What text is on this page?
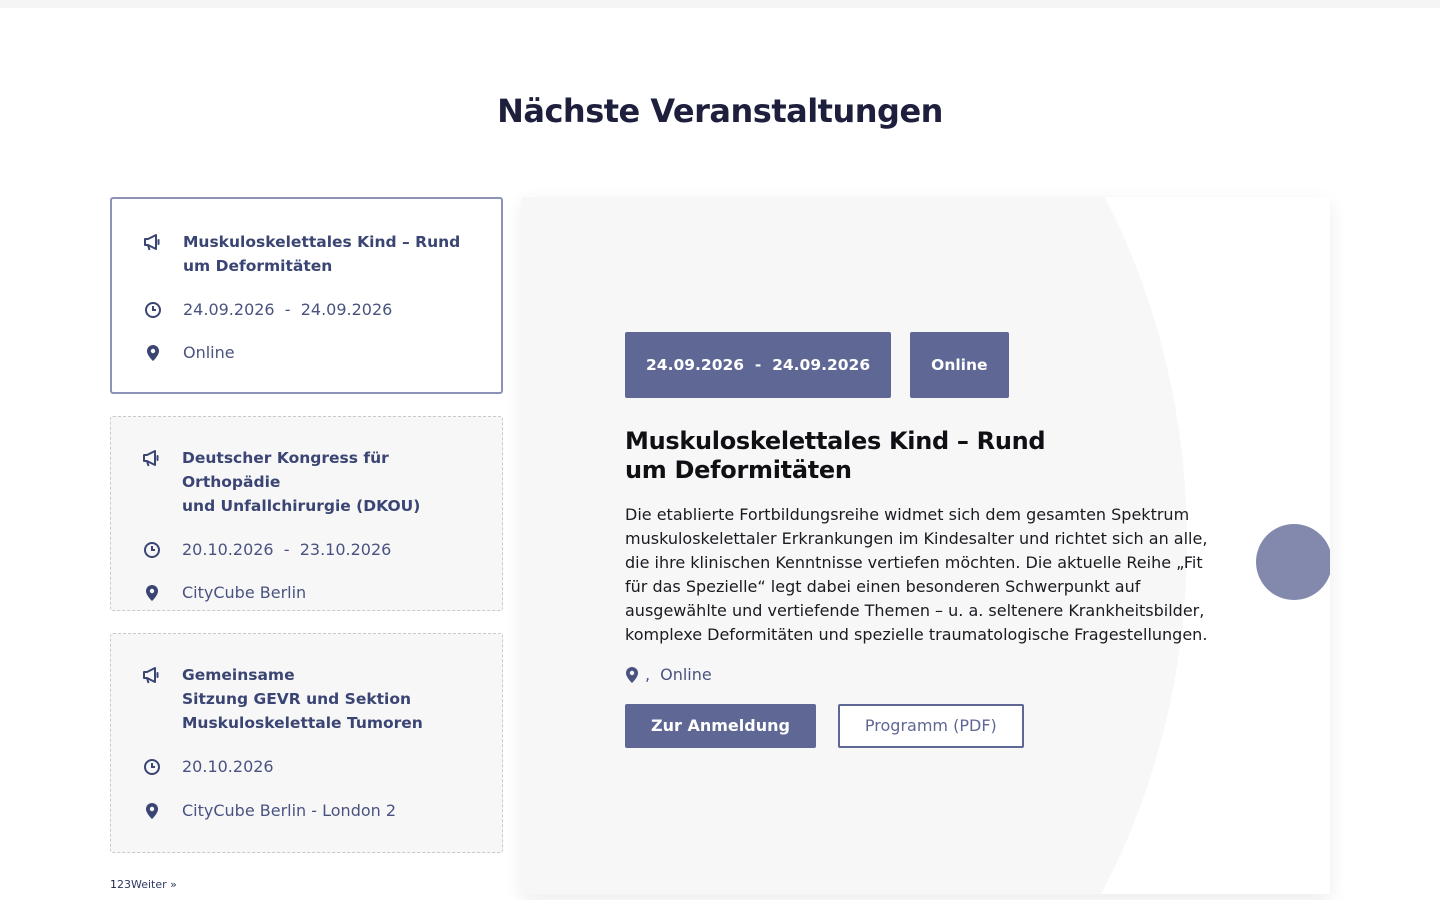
Nächste Veranstaltungen
Muskuloskelettales Kind – Rund
um Deformitäten
24.09.2026  -  24.09.2026
Online
Deutscher Kongress für Orthopädie
und Unfallchirurgie (DKOU)
20.10.2026  -  23.10.2026
CityCube Berlin
Gemeinsame
Sitzung GEVR und Sektion
Muskuloskelettale Tumoren
20.10.2026
CityCube Berlin - London 2
1 2 3 Weiter »
24.09.2026  -  24.09.2026	Online
Muskuloskelettales Kind – Rund
um Deformitäten

Die etablierte Fortbildungsreihe widmet sich dem gesamten Spektrum muskuloskelettaler Erkrankungen im Kindesalter und richtet sich an alle, die ihre klinischen Kenntnisse vertiefen möchten. Die aktuelle Reihe „Fit für das Spezielle“ legt dabei einen besonderen Schwerpunkt auf ausgewählte und vertiefende Themen – u. a. seltenere Krankheitsbilder, komplexe Deformitäten und spezielle traumatologische Fragestellungen.

, Online
Zur Anmeldung	Programm (PDF)
